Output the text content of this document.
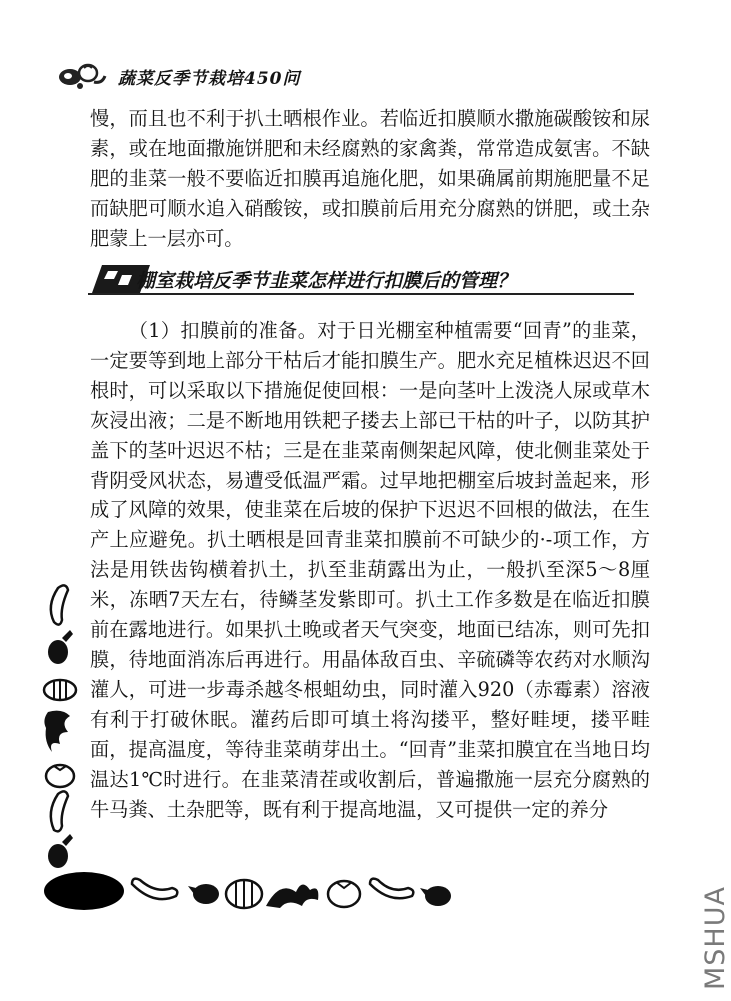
蔬菜反季节栽培450问
慢，而且也不利于扒土晒根作业。若临近扣膜顺水撒施碳酸铵和尿素，或在地面撒施饼肥和未经腐熟的家禽粪，常常造成氨害。不缺肥的韭菜一般不要临近扣膜再追施化肥，如果确属前期施肥量不足而缺肥可顺水追入硝酸铵，或扣膜前后用充分腐熟的饼肥，或土杂肥蒙上一层亦可。
棚室栽培反季节韭菜怎样进行扣膜后的管理？
（1）扣膜前的准备。对于日光棚室种植需要“回青”的韭菜，一定要等到地上部分干枯后才能扣膜生产。肥水充足植株迟迟不回根时，可以采取以下措施促使回根：一是向茎叶上泼浇人尿或草木灰浸出液；二是不断地用铁耙子搂去上部已干枯的叶子，以防其护盖下的茎叶迟迟不枯；三是在韭菜南侧架起风障，使北侧韭菜处于背阴受风状态，易遭受低温严霜。过早地把棚室后坡封盖起来，形成了风障的效果，使韭菜在后坡的保护下迟迟不回根的做法，在生产上应避免。扒土晒根是回青韭菜扣膜前不可缺少的·-项工作，方法是用铁齿钩横着扒土，扒至韭葫露出为止，一般扒至深5～8厘米，冻晒7天左右，待鳞茎发紫即可。扒土工作多数是在临近扣膜前在露地进行。如果扒土晚或者天气突变，地面已结冻，则可先扣膜，待地面消冻后再进行。用晶体敌百虫、辛硫磷等农药对水顺沟灌人，可进一步毒杀越冬根蛆幼虫，同时灌入920（赤霉素）溶液有利于打破休眠。灌药后即可填土将沟搂平，整好畦埂，搂平畦面，提高温度，等待韭菜萌芽出土。“回青”韭菜扣膜宜在当地日均温达1℃时进行。在韭菜清茬或收割后，普遍撒施一层充分腐熟的牛马粪、土杂肥等，既有利于提高地温，又可提供一定的养分
MSHUA
